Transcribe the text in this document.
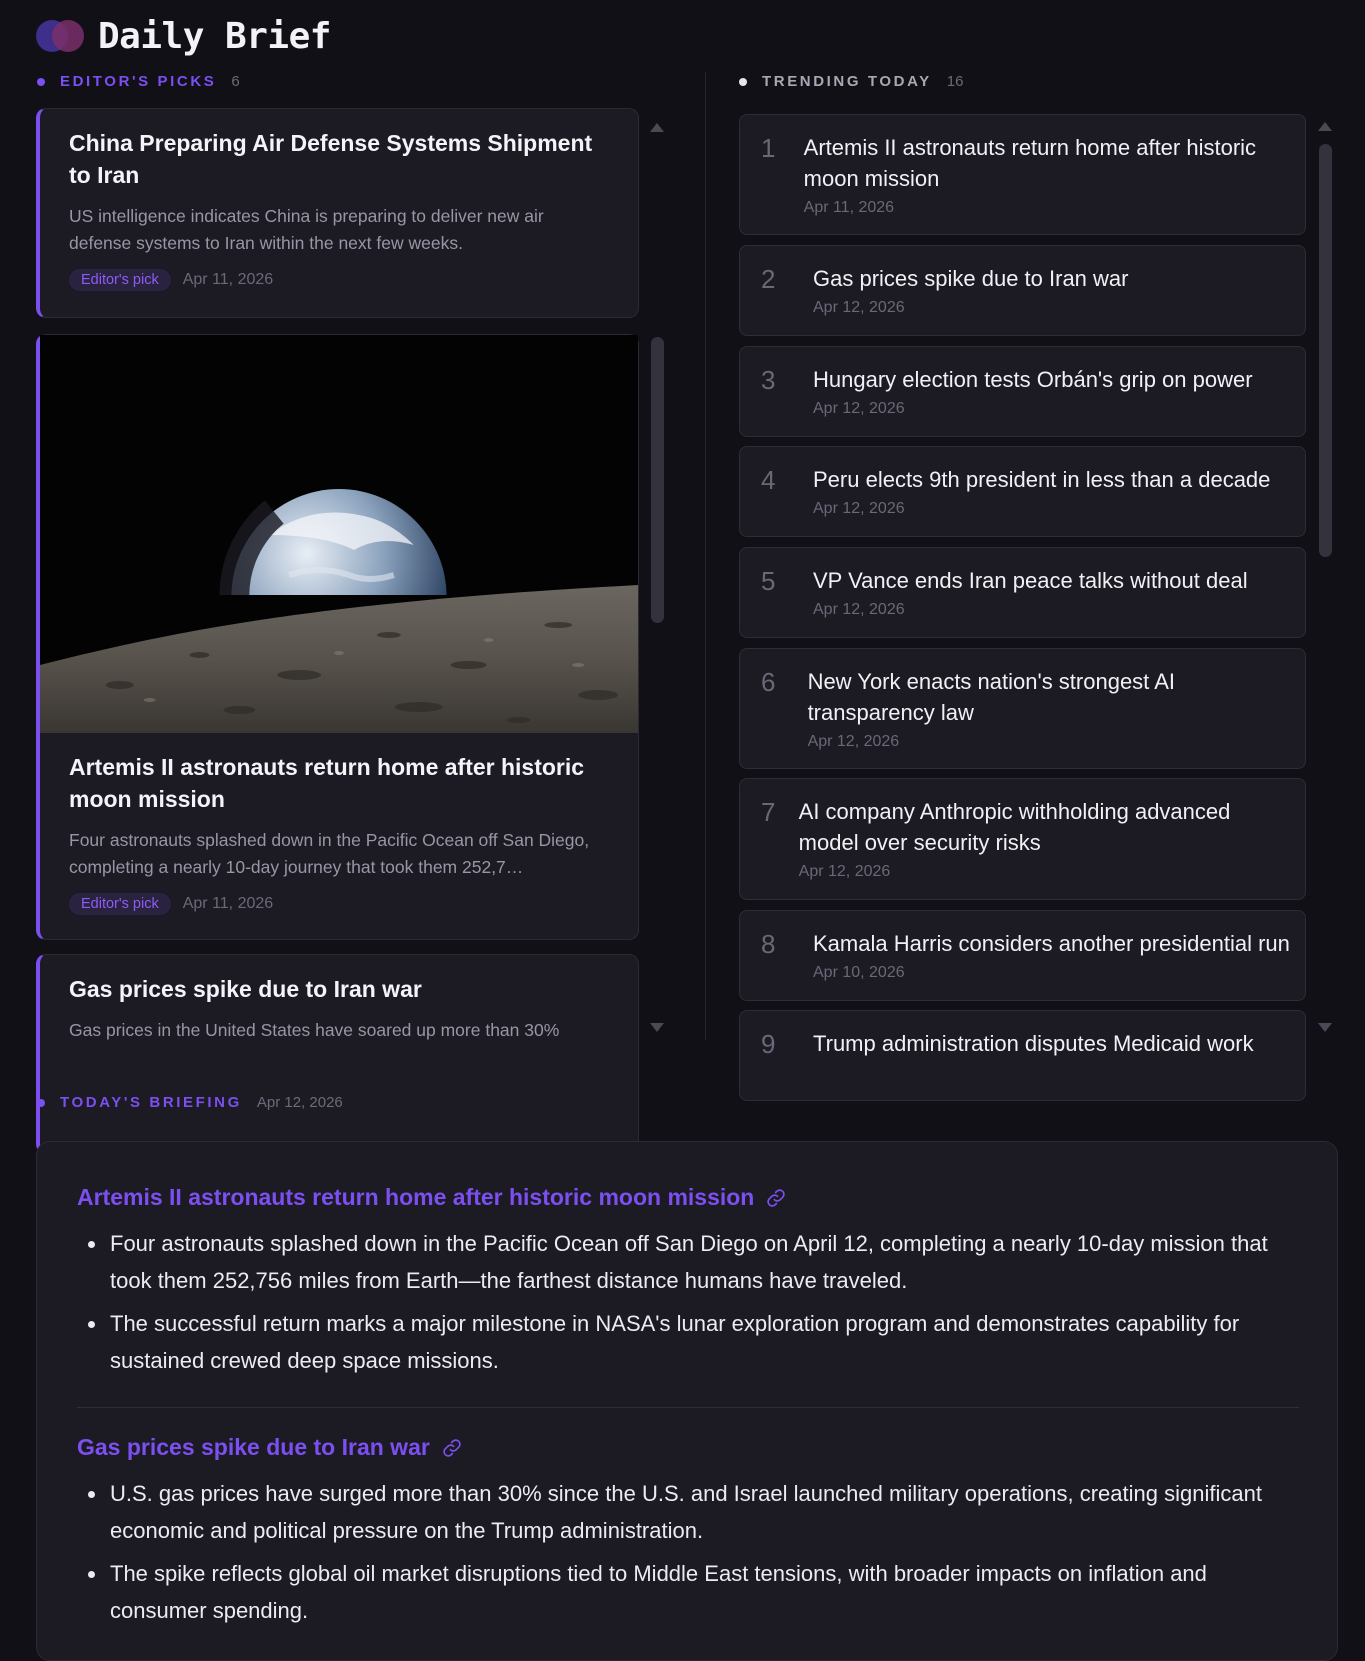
Daily Brief
EDITOR'S PICKS 6	TRENDING TODAY 16
China Preparing Air Defense Systems Shipment to Iran
US intelligence indicates China is preparing to deliver new air defense systems to Iran within the next few weeks.
Editor's pick	Apr 11, 2026
Artemis II astronauts return home after historic moon mission
Four astronauts splashed down in the Pacific Ocean off San Diego, completing a nearly 10-day journey that took them 252,7…
Editor's pick	Apr 11, 2026
Gas prices spike due to Iran war
Gas prices in the United States have soared up more than 30%
1	Artemis II astronauts return home after historic moon mission
Apr 11, 2026
2	Gas prices spike due to Iran war
Apr 12, 2026
3	Hungary election tests Orbán's grip on power
Apr 12, 2026
4	Peru elects 9th president in less than a decade
Apr 12, 2026
5	VP Vance ends Iran peace talks without deal
Apr 12, 2026
6	New York enacts nation's strongest AI transparency law
Apr 12, 2026
7	AI company Anthropic withholding advanced model over security risks
Apr 12, 2026
8	Kamala Harris considers another presidential run
Apr 10, 2026
9	Trump administration disputes Medicaid work
TODAY'S BRIEFING Apr 12, 2026
Artemis II astronauts return home after historic moon mission
Four astronauts splashed down in the Pacific Ocean off San Diego on April 12, completing a nearly 10-day mission that took them 252,756 miles from Earth—the farthest distance humans have traveled.
The successful return marks a major milestone in NASA's lunar exploration program and demonstrates capability for sustained crewed deep space missions.
Gas prices spike due to Iran war
U.S. gas prices have surged more than 30% since the U.S. and Israel launched military operations, creating significant economic and political pressure on the Trump administration.
The spike reflects global oil market disruptions tied to Middle East tensions, with broader impacts on inflation and consumer spending.
